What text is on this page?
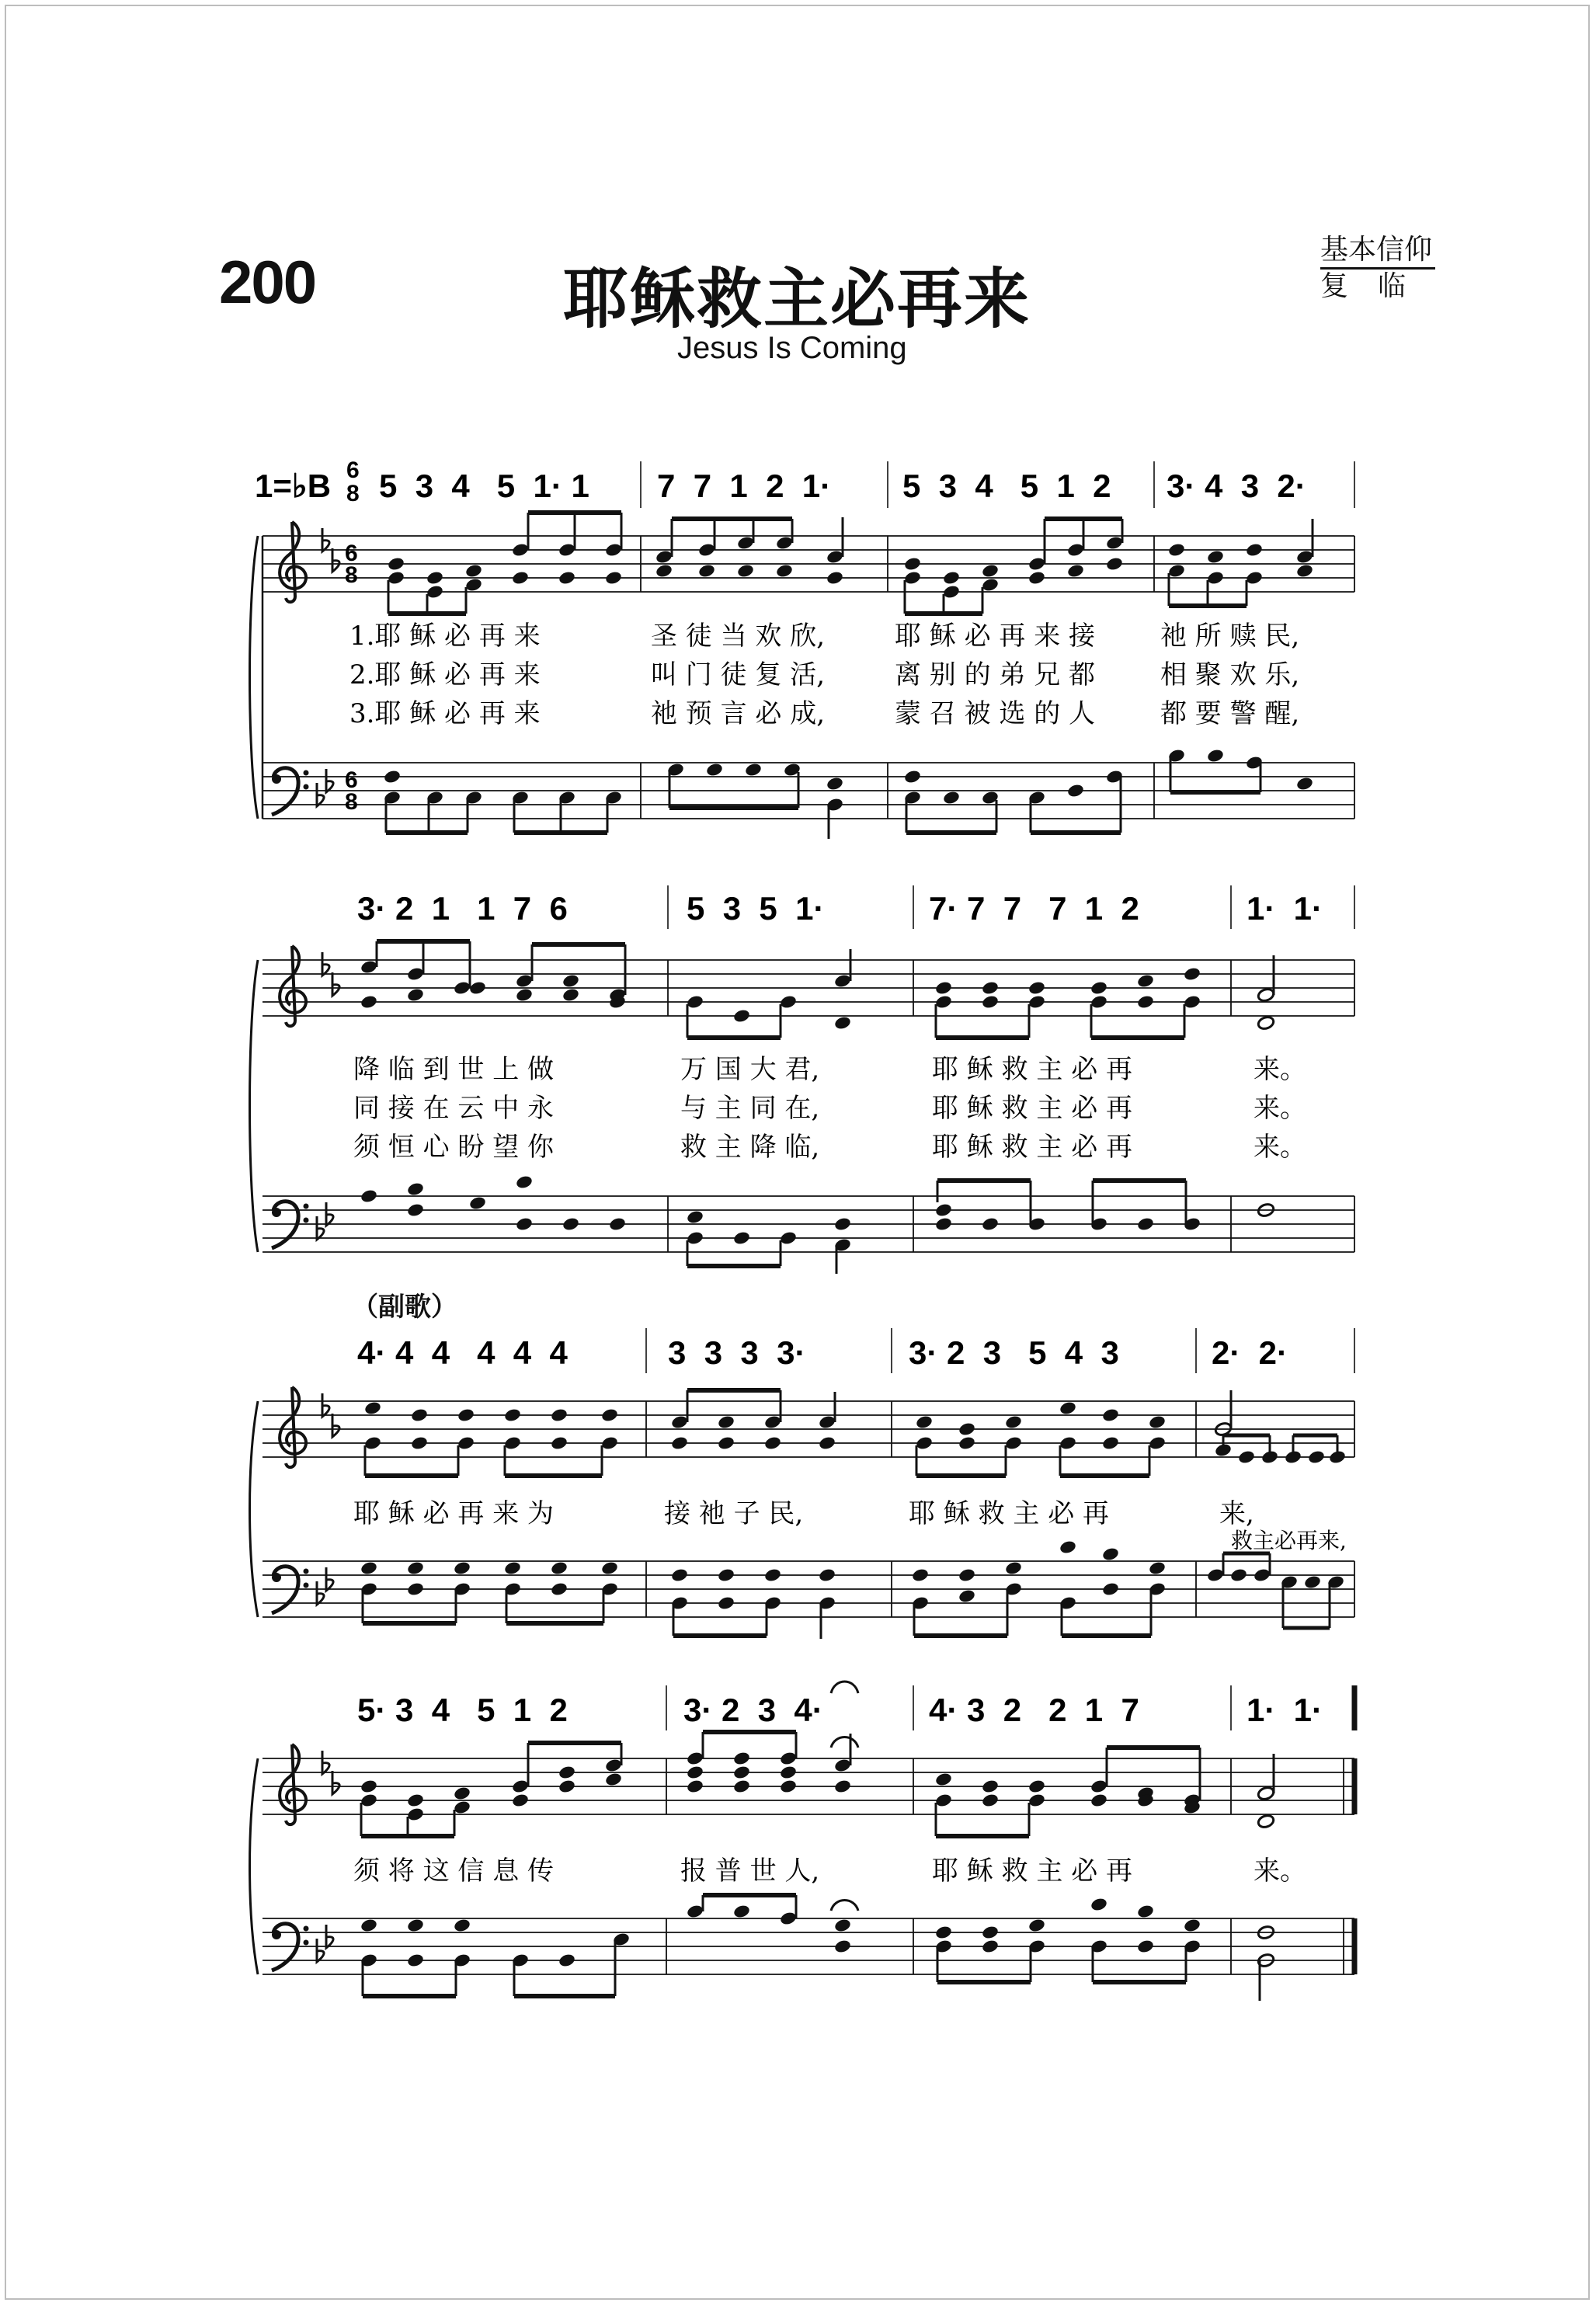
200	耶稣救主必再来
Jesus Is Coming
基本信仰
复临
（副歌）
1=♭B 6
8 5  3  4   5  1· 1 7  7  1  2  1· 5  3  4   5  1  2 3· 4  3  2·
6
8
1.耶 稣 必 再 来	圣 徒 当 欢 欣,	耶 稣 必 再 来 接 祂 所 赎 民,
2.耶 稣 必 再 来	叫 门 徒 复 活,	离 别 的 弟 兄 都 相 聚 欢 乐,
3.耶 稣 必 再 来	祂 预 言 必 成,	蒙 召 被 选 的 人 都 要 警 醒,
6
8
3· 2  1   1  7  6	5  3  5  1·	7· 7  7   7  1  2	1·  1·
降 临 到 世 上 做	万 国 大 君,	耶 稣 救 主 必 再	来。
同 接 在 云 中 永	与 主 同 在,	耶 稣 救 主 必 再	来。
须 恒 心 盼 望 你	救 主 降 临,	耶 稣 救 主 必 再	来。
4· 4  4   4  4  4	3  3  3  3·	3· 2  3   5  4  3	2·  2·
耶 稣 必 再 来 为	接 祂 子 民,	耶 稣 救 主 必 再	来,
救主必再来,
5· 3  4   5  1  2	3· 2  3  4·	4· 3  2   2  1  7	1·  1·
须 将 这 信 息 传	报 普 世 人,	耶 稣 救 主 必 再	来。
